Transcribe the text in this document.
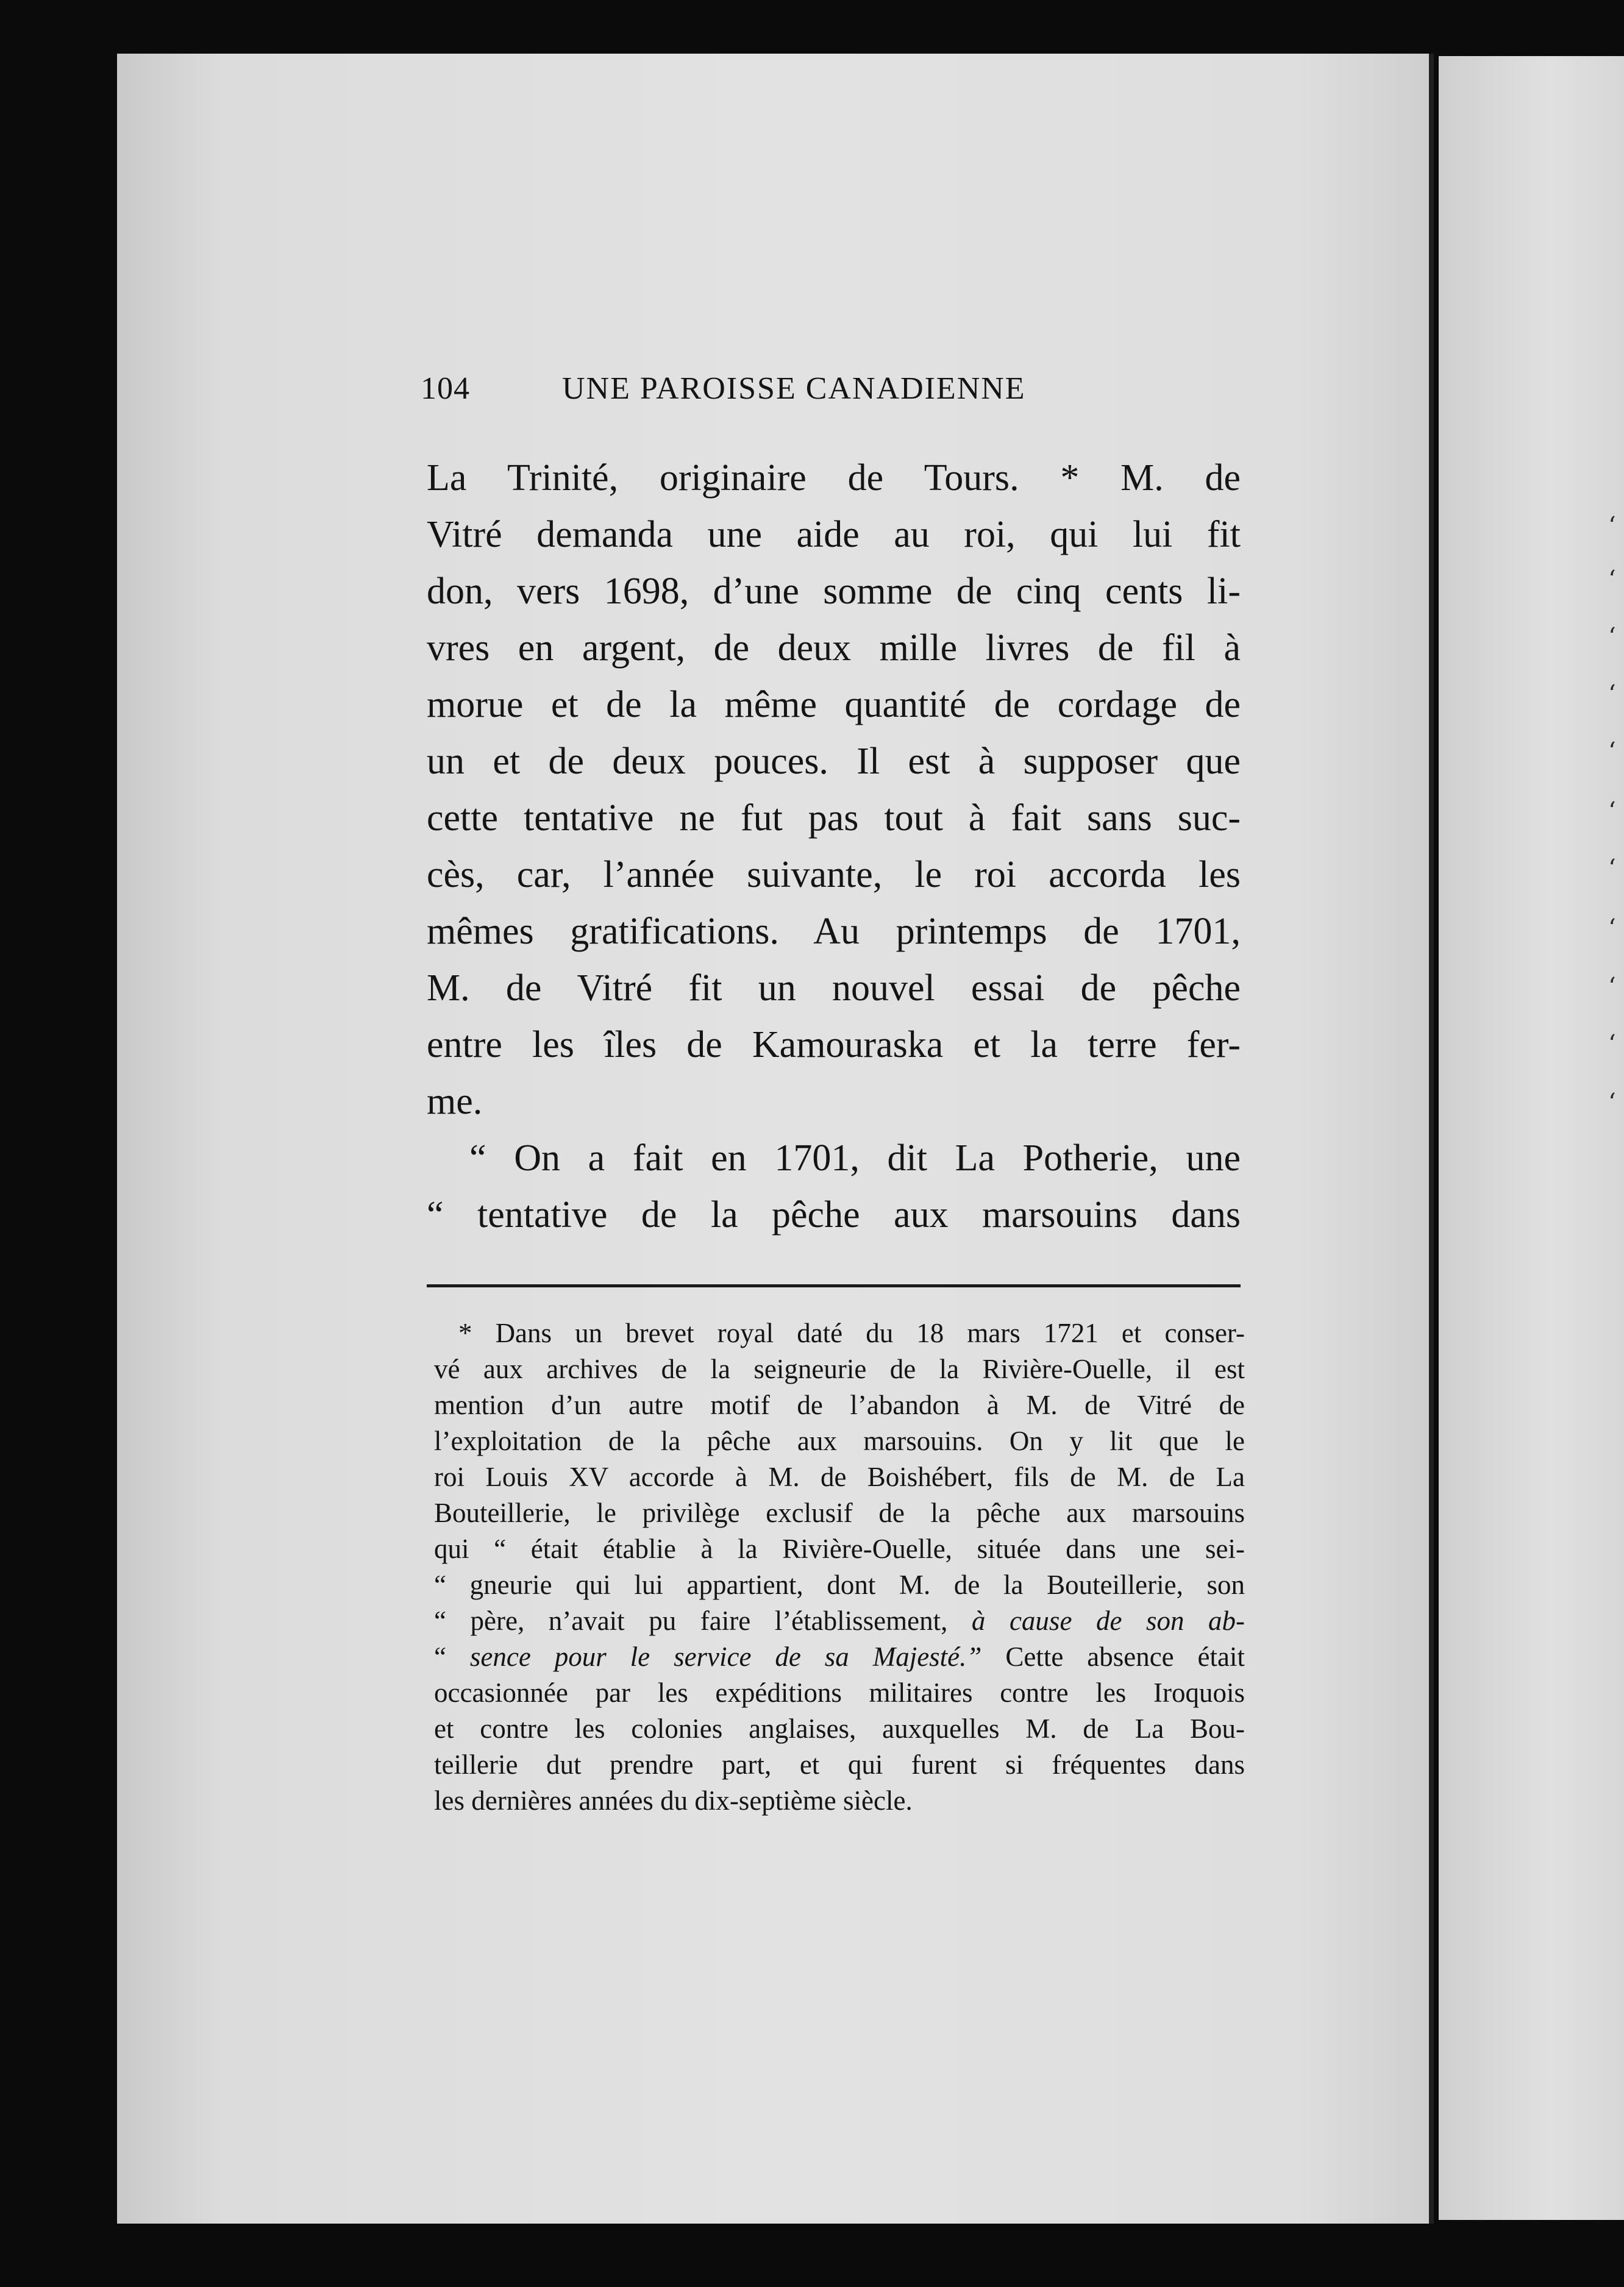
‘
‘
‘
‘
‘
‘
‘
‘
‘
‘
‘
104	UNE PAROISSE CANADIENNE
La Trinité, originaire de Tours. * M. de
Vitré demanda une aide au roi, qui lui fit
don, vers 1698, d’une somme de cinq cents li-
vres en argent, de deux mille livres de fil à
morue et de la même quantité de cordage de
un et de deux pouces. Il est à supposer que
cette tentative ne fut pas tout à fait sans suc-
cès, car, l’année suivante, le roi accorda les
mêmes gratifications. Au printemps de 1701,
M. de Vitré fit un nouvel essai de pêche
entre les îles de Kamouraska et la terre fer-
me.
“ On a fait en 1701, dit La Potherie, une
“ tentative de la pêche aux marsouins dans
* Dans un brevet royal daté du 18 mars 1721 et conser-
vé aux archives de la seigneurie de la Rivière-Ouelle, il est
mention d’un autre motif de l’abandon à M. de Vitré de
l’exploitation de la pêche aux marsouins. On y lit que le
roi Louis XV accorde à M. de Boishébert, fils de M. de La
Bouteillerie, le privilège exclusif de la pêche aux marsouins
qui “ était établie à la Rivière-Ouelle, située dans une sei-
“ gneurie qui lui appartient, dont M. de la Bouteillerie, son
“ père, n’avait pu faire l’établissement, à cause de son ab-
“ sence pour le service de sa Majesté.” Cette absence était
occasionnée par les expéditions militaires contre les Iroquois
et contre les colonies anglaises, auxquelles M. de La Bou-
teillerie dut prendre part, et qui furent si fréquentes dans
les dernières années du dix-septième siècle.
